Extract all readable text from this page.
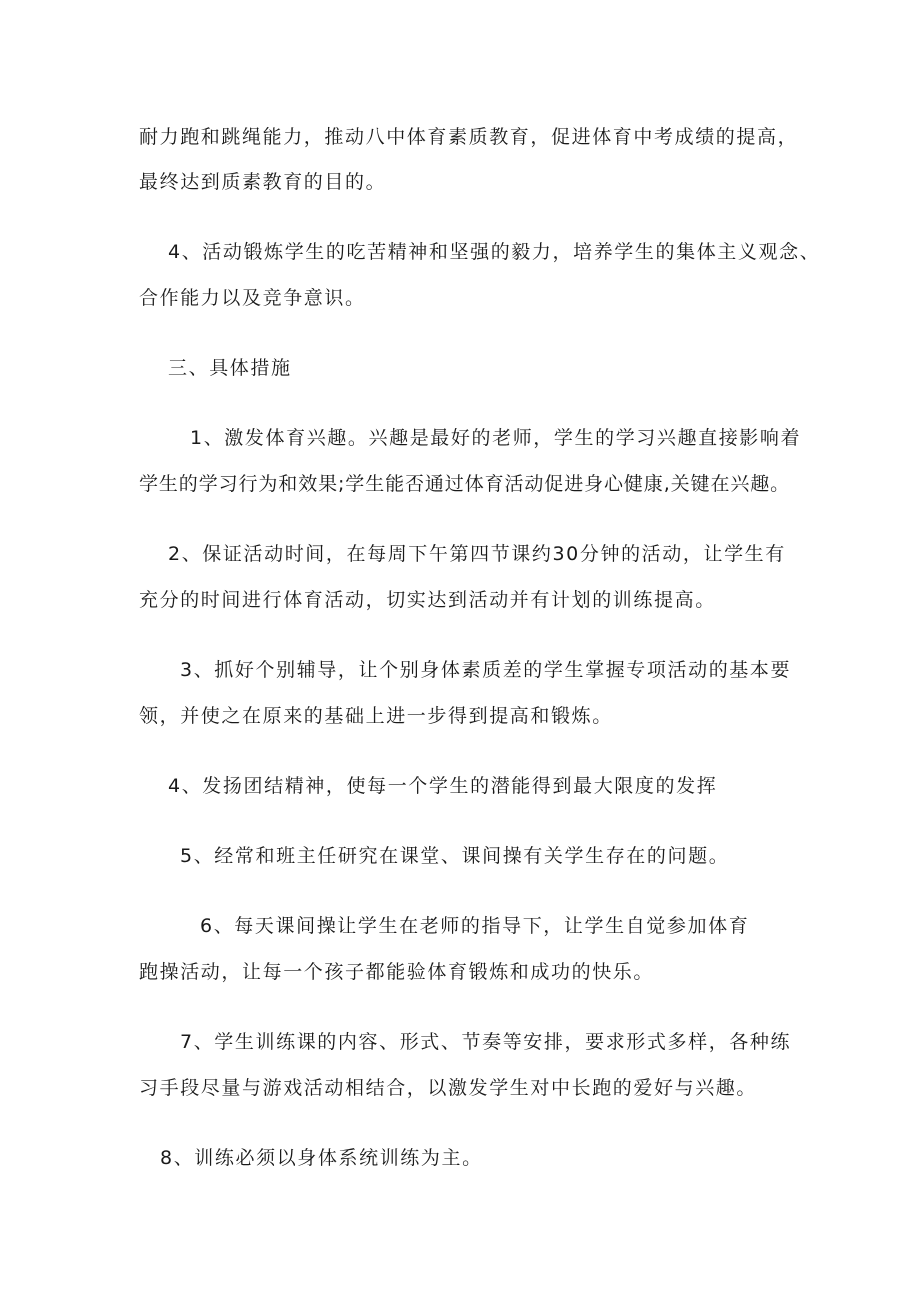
耐力跑和跳绳能力，推动八中体育素质教育，促进体育中考成绩的提高，
最终达到质素教育的目的。
4、活动锻炼学生的吃苦精神和坚强的毅力，培养学生的集体主义观念、
合作能力以及竞争意识。
三、具体措施
1、激发体育兴趣。兴趣是最好的老师，学生的学习兴趣直接影响着
学生的学习行为和效果;学生能否通过体育活动促进身心健康,关键在兴趣。
2、保证活动时间，在每周下午第四节课约30分钟的活动，让学生有
充分的时间进行体育活动，切实达到活动并有计划的训练提高。
3、抓好个别辅导，让个别身体素质差的学生掌握专项活动的基本要
领，并使之在原来的基础上进一步得到提高和锻炼。
4、发扬团结精神，使每一个学生的潜能得到最大限度的发挥
5、经常和班主任研究在课堂、课间操有关学生存在的问题。
6、每天课间操让学生在老师的指导下，让学生自觉参加体育
跑操活动，让每一个孩子都能验体育锻炼和成功的快乐。
7、学生训练课的内容、形式、节奏等安排，要求形式多样，各种练
习手段尽量与游戏活动相结合，以激发学生对中长跑的爱好与兴趣。
8、训练必须以身体系统训练为主。
